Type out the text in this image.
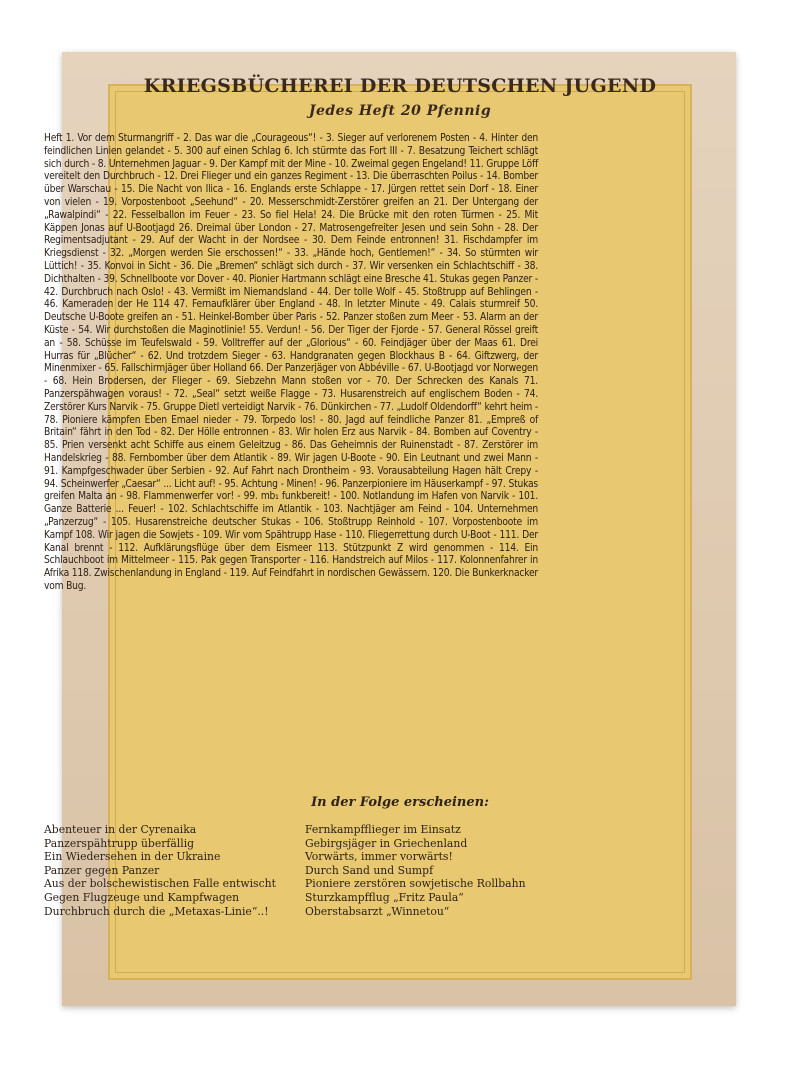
KRIEGSBÜCHEREI DER DEUTSCHEN JUGEND
Jedes Heft 20 Pfennig
Heft 1. Vor dem Sturmangriff - 2. Das war die „Courageous“! - 3. Sieger auf verlorenem Posten - 4. Hinter den feindlichen Linien gelandet - 5. 300 auf einen Schlag 6. Ich stürmte das Fort III - 7. Besatzung Teichert schlägt sich durch - 8. Unternehmen Jaguar - 9. Der Kampf mit der Mine - 10. Zweimal gegen Engeland! 11. Gruppe Löff vereitelt den Durchbruch - 12. Drei Flieger und ein ganzes Regiment - 13. Die überraschten Poilus - 14. Bomber über Warschau - 15. Die Nacht von Ilica - 16. Englands erste Schlappe - 17. Jürgen rettet sein Dorf - 18. Einer von vielen - 19. Vorpostenboot „Seehund“ - 20. Messerschmidt-Zerstörer greifen an 21. Der Untergang der „Rawalpindi“ - 22. Fesselballon im Feuer - 23. So fiel Hela! 24. Die Brücke mit den roten Türmen - 25. Mit Käppen Jonas auf U-Bootjagd 26. Dreimal über London - 27. Matrosengefreiter Jesen und sein Sohn - 28. Der Regimentsadjutant - 29. Auf der Wacht in der Nordsee - 30. Dem Feinde entronnen! 31. Fischdampfer im Kriegsdienst - 32. „Morgen werden Sie erschossen!“ - 33. „Hände hoch, Gentlemen!“ - 34. So stürmten wir Lüttich! - 35. Konvoi in Sicht - 36. Die „Bremen“ schlägt sich durch - 37. Wir versenken ein Schlachtschiff - 38. Dichthalten - 39. Schnellboote vor Dover - 40. Pionier Hartmann schlägt eine Bresche 41. Stukas gegen Panzer - 42. Durchbruch nach Oslo! - 43. Vermißt im Niemandsland - 44. Der tolle Wolf - 45. Stoßtrupp auf Behlingen - 46. Kameraden der He 114 47. Fernaufklärer über England - 48. In letzter Minute - 49. Calais sturmreif 50. Deutsche U-Boote greifen an - 51. Heinkel-Bomber über Paris - 52. Panzer stoßen zum Meer - 53. Alarm an der Küste - 54. Wir durchstoßen die Maginotlinie! 55. Verdun! - 56. Der Tiger der Fjorde - 57. General Rössel greift an - 58. Schüsse im Teufelswald - 59. Volltreffer auf der „Glorious“ - 60. Feindjäger über der Maas 61. Drei Hurras für „Blücher“ - 62. Und trotzdem Sieger - 63. Handgranaten gegen Blockhaus B - 64. Giftzwerg, der Minenmixer - 65. Fallschirmjäger über Holland 66. Der Panzerjäger von Abbéville - 67. U-Bootjagd vor Norwegen - 68. Hein Brodersen, der Flieger - 69. Siebzehn Mann stoßen vor - 70. Der Schrecken des Kanals 71. Panzerspähwagen voraus! - 72. „Seal“ setzt weiße Flagge - 73. Husarenstreich auf englischem Boden - 74. Zerstörer Kurs Narvik - 75. Gruppe Dietl verteidigt Narvik - 76. Dünkirchen - 77. „Ludolf Oldendorff“ kehrt heim - 78. Pioniere kämpfen Eben Emael nieder - 79. Torpedo los! - 80. Jagd auf feindliche Panzer 81. „Empreß of Britain“ fährt in den Tod - 82. Der Hölle entronnen - 83. Wir holen Erz aus Narvik - 84. Bomben auf Coventry - 85. Prien versenkt acht Schiffe aus einem Geleitzug - 86. Das Geheimnis der Ruinenstadt - 87. Zerstörer im Handelskrieg - 88. Fernbomber über dem Atlantik - 89. Wir jagen U-Boote - 90. Ein Leutnant und zwei Mann - 91. Kampfgeschwader über Serbien - 92. Auf Fahrt nach Drontheim - 93. Vorausabteilung Hagen hält Crepy - 94. Scheinwerfer „Caesar“ ... Licht auf! - 95. Achtung - Minen! - 96. Panzerpioniere im Häuserkampf - 97. Stukas greifen Malta an - 98. Flammenwerfer vor! - 99. mb₁ funkbereit! - 100. Notlandung im Hafen von Narvik - 101. Ganze Batterie ... Feuer! - 102. Schlachtschiffe im Atlantik - 103. Nachtjäger am Feind - 104. Unternehmen „Panzerzug“ - 105. Husarenstreiche deutscher Stukas - 106. Stoßtrupp Reinhold - 107. Vorpostenboote im Kampf 108. Wir jagen die Sowjets - 109. Wir vom Spähtrupp Hase - 110. Fliegerrettung durch U-Boot - 111. Der Kanal brennt - 112. Aufklärungsflüge über dem Eismeer 113. Stützpunkt Z wird genommen - 114. Ein Schlauchboot im Mittelmeer - 115. Pak gegen Transporter - 116. Handstreich auf Milos - 117. Kolonnenfahrer in Afrika 118. Zwischenlandung in England - 119. Auf Feindfahrt in nordischen Gewässern. 120. Die Bunkerknacker vom Bug.
In der Folge erscheinen:
Abenteuer in der Cyrenaika
Panzerspähtrupp überfällig
Ein Wiedersehen in der Ukraine
Panzer gegen Panzer
Aus der bolschewistischen Falle entwischt
Gegen Flugzeuge und Kampfwagen
Durchbruch durch die „Metaxas-Linie“..!
Fernkampfflieger im Einsatz
Gebirgsjäger in Griechenland
Vorwärts, immer vorwärts!
Durch Sand und Sumpf
Pioniere zerstören sowjetische Rollbahn
Sturzkampfflug „Fritz Paula“
Oberstabsarzt „Winnetou“
